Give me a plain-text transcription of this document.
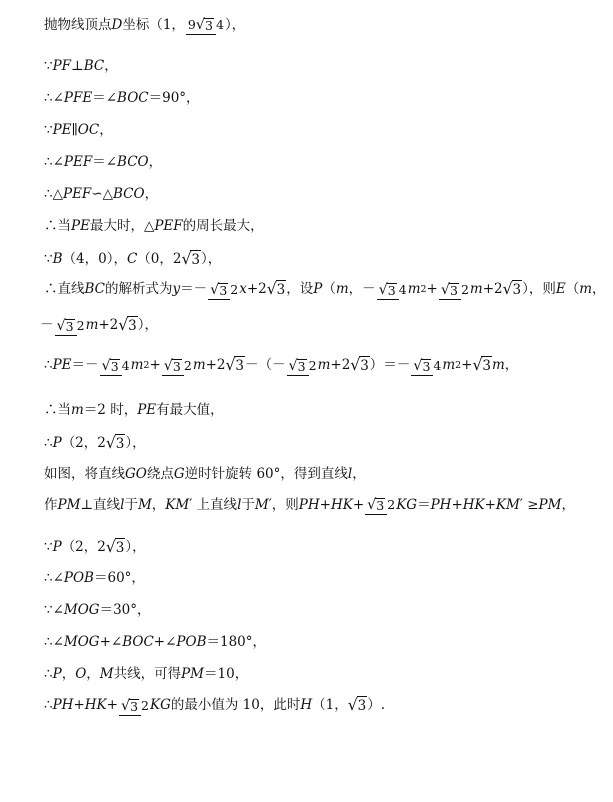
抛物线顶点 D 坐标（1， 9 √ 3 4 ），
∵ PF ⊥ BC ，
∴∠ PFE ＝∠ BOC ＝90°，
∵ PE ∥ OC ，
∴∠ PEF ＝∠ BCO ，
∴△ PEF ∽△ BCO ，
∴当 PE 最大时，△ PEF 的周长最大，
∵ B （4，0）， C （0，2 √3 ），
∴直线 BC 的解析式为 y ＝－ √ 3 2 x +2 √3 ，设 P （ m ，－ √ 3 4 m 2 + √ 3 2 m +2 √3 ），则 E （ m ，
－ √ 3 2 m +2 √3 ），
∴ PE ＝－ √ 3 4 m 2 + √ 3 2 m +2 √3 －（－ √ 3 2 m +2 √3 ）＝－ √ 3 4 m 2 + √3 m ，
∴当 m ＝2 时， PE 有最大值，
∴ P （2，2 √3 ），
如图，将直线 GO 绕点 G 逆时针旋转 60°，得到直线 l ，
作 PM ⊥直线 l 于 M ， KM ′ 上直线 l 于 M ′，则 PH + HK + √ 3 2 KG ＝ PH + HK + KM ′ ≥ PM ，
∵ P （2，2 √3 ），
∴∠ POB ＝60°，
∵∠ MOG ＝30°，
∴∠ MOG +∠ BOC +∠ POB ＝180°，
∴ P ， O ， M 共线，可得 PM ＝10，
∴ PH + HK + √ 3 2 KG 的最小值为 10，此时 H （1， √3 ）.
